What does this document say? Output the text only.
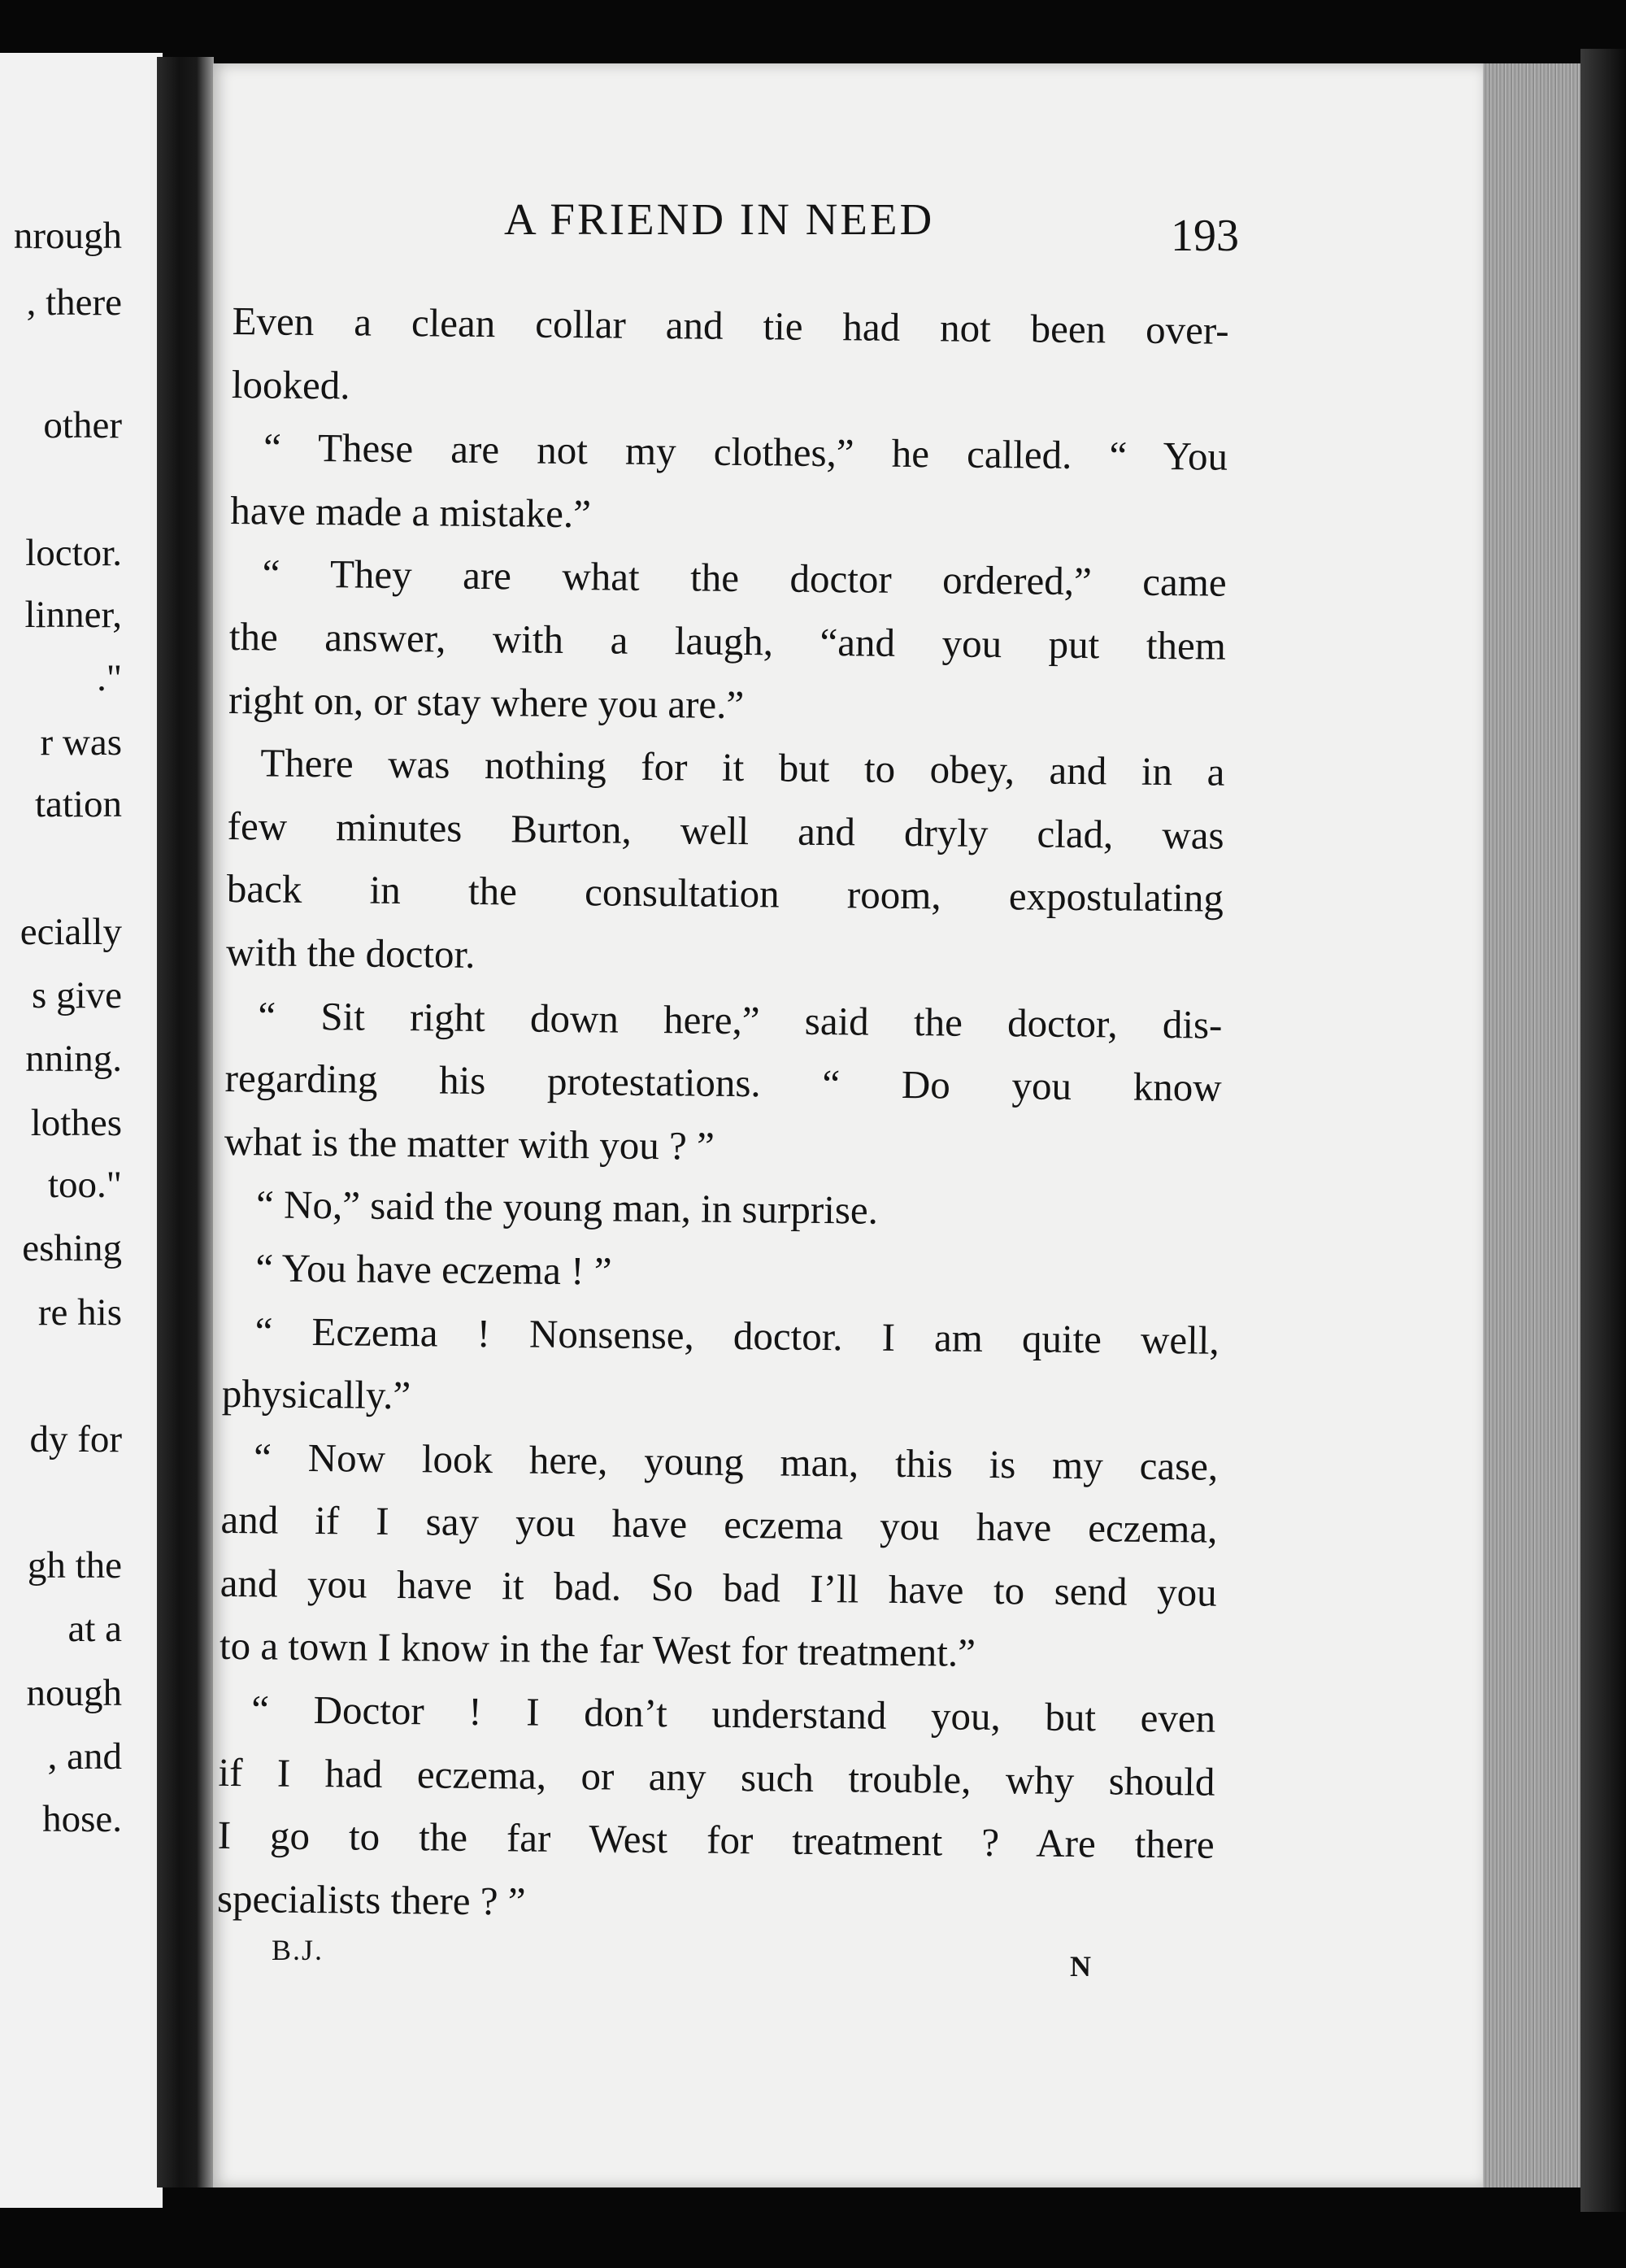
nrough
, there
other
loctor.
linner,
."
r was
tation
ecially
s give
nning.
lothes
too."
eshing
re his
dy for
gh the
at a
nough
, and
hose.
A FRIEND IN NEED	193
Even a clean collar and tie had not been over-
looked.
“ These are not my clothes,” he called. “ You
have made a mistake.”
“ They are what the doctor ordered,” came
the answer, with a laugh, “and you put them
right on, or stay where you are.”
There was nothing for it but to obey, and in a
few minutes Burton, well and dryly clad, was
back in the consultation room, expostulating
with the doctor.
“ Sit right down here,” said the doctor, dis-
regarding his protestations. “ Do you know
what is the matter with you ? ”
“ No,” said the young man, in surprise.
“ You have eczema ! ”
“ Eczema ! Nonsense, doctor. I am quite well,
physically.”
“ Now look here, young man, this is my case,
and if I say you have eczema you have eczema,
and you have it bad. So bad I’ll have to send you
to a town I know in the far West for treatment.”
“ Doctor ! I don’t understand you, but even
if I had eczema, or any such trouble, why should
I go to the far West for treatment ? Are there
specialists there ? ”
B.J.	N
